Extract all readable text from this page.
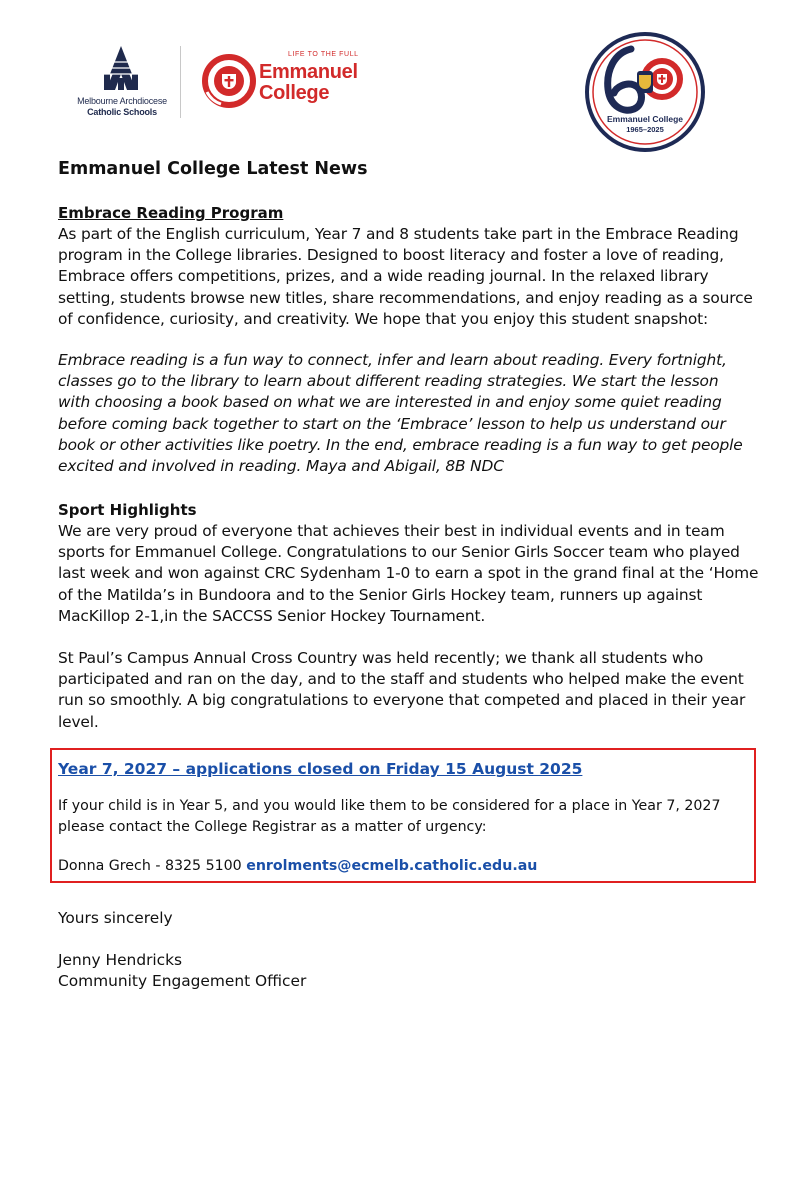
Melbourne Archdiocese
Catholic Schools
LIFE TO THE FULL
Emmanuel
College
Emmanuel College
1965–2025
Emmanuel College Latest News
Embrace Reading Program

As part of the English curriculum, Year 7 and 8 students take part in the Embrace Reading
program in the College libraries. Designed to boost literacy and foster a love of reading,
Embrace offers competitions, prizes, and a wide reading journal. In the relaxed library
setting, students browse new titles, share recommendations, and enjoy reading as a source
of confidence, curiosity, and creativity. We hope that you enjoy this student snapshot:

Embrace reading is a fun way to connect, infer and learn about reading. Every fortnight,
classes go to the library to learn about different reading strategies. We start the lesson
with choosing a book based on what we are interested in and enjoy some quiet reading
before coming back together to start on the ‘Embrace’ lesson to help us understand our
book or other activities like poetry. In the end, embrace reading is a fun way to get people
excited and involved in reading. Maya and Abigail, 8B NDC

Sport Highlights

We are very proud of everyone that achieves their best in individual events and in team
sports for Emmanuel College. Congratulations to our Senior Girls Soccer team who played
last week and won against CRC Sydenham 1-0 to earn a spot in the grand final at the ‘Home
of the Matilda’s in Bundoora and to the Senior Girls Hockey team, runners up against
MacKillop 2-1,in the SACCSS Senior Hockey Tournament.

St Paul’s Campus Annual Cross Country was held recently; we thank all students who
participated and ran on the day, and to the staff and students who helped make the event
run so smoothly. A big congratulations to everyone that competed and placed in their year
level.

Year 7, 2027 – applications closed on Friday 15 August 2025
If your child is in Year 5, and you would like them to be considered for a place in Year 7, 2027
please contact the College Registrar as a matter of urgency:
Donna Grech - 8325 5100 enrolments@ecmelb.catholic.edu.au
Yours sincerely
Jenny Hendricks
Community Engagement Officer
